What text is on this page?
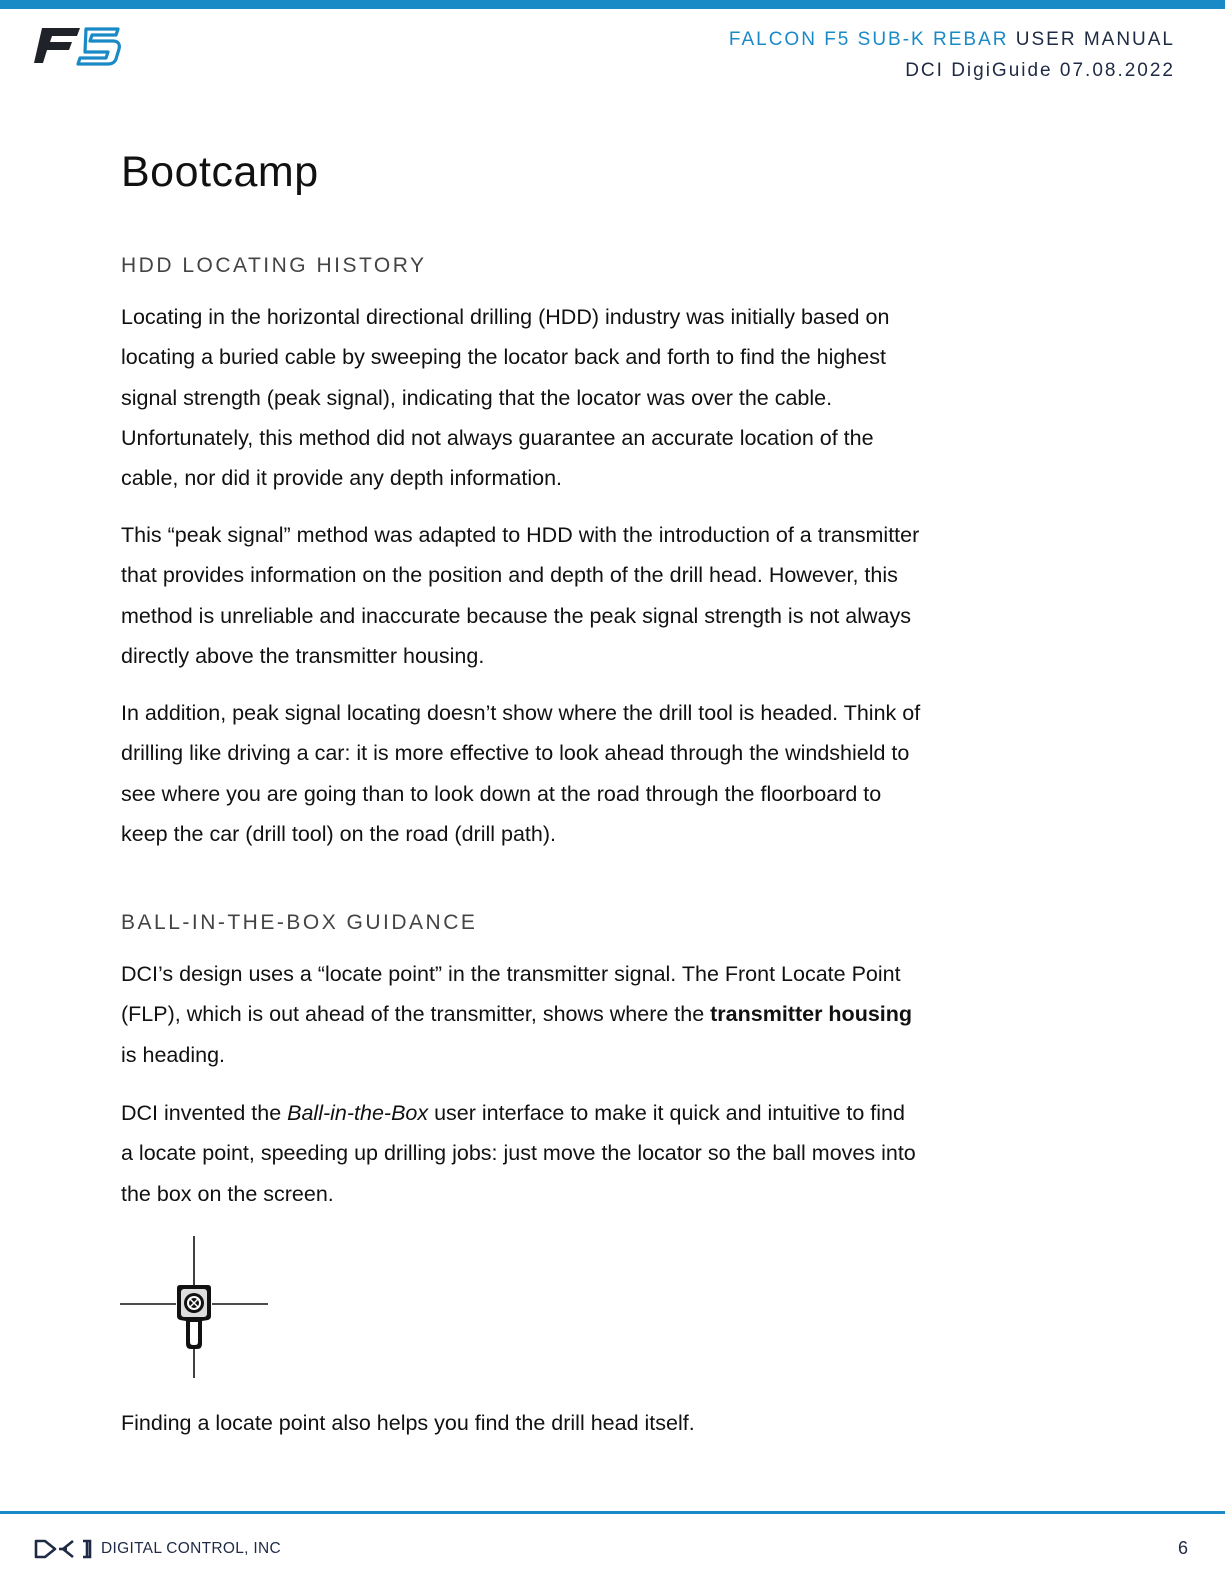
FALCON F5 SUB-K REBAR USER MANUAL
DCI DigiGuide 07.08.2022
Bootcamp
HDD LOCATING HISTORY

Locating in the horizontal directional drilling (HDD) industry was initially based on locating a buried cable by sweeping the locator back and forth to find the highest signal strength (peak signal), indicating that the locator was over the cable. Unfortunately, this method did not always guarantee an accurate location of the cable, nor did it provide any depth information.

This “peak signal” method was adapted to HDD with the introduction of a transmitter that provides information on the position and depth of the drill head. However, this method is unreliable and inaccurate because the peak signal strength is not always directly above the transmitter housing.

In addition, peak signal locating doesn’t show where the drill tool is headed. Think of drilling like driving a car: it is more effective to look ahead through the windshield to see where you are going than to look down at the road through the floorboard to keep the car (drill tool) on the road (drill path).

BALL-IN-THE-BOX GUIDANCE

DCI’s design uses a “locate point” in the transmitter signal. The Front Locate Point (FLP), which is out ahead of the transmitter, shows where the transmitter housing is heading.

DCI invented the Ball-in-the-Box user interface to make it quick and intuitive to find a locate point, speeding up drilling jobs: just move the locator so the ball moves into the box on the screen.

Finding a locate point also helps you find the drill head itself.

DIGITAL CONTROL, INC	6
